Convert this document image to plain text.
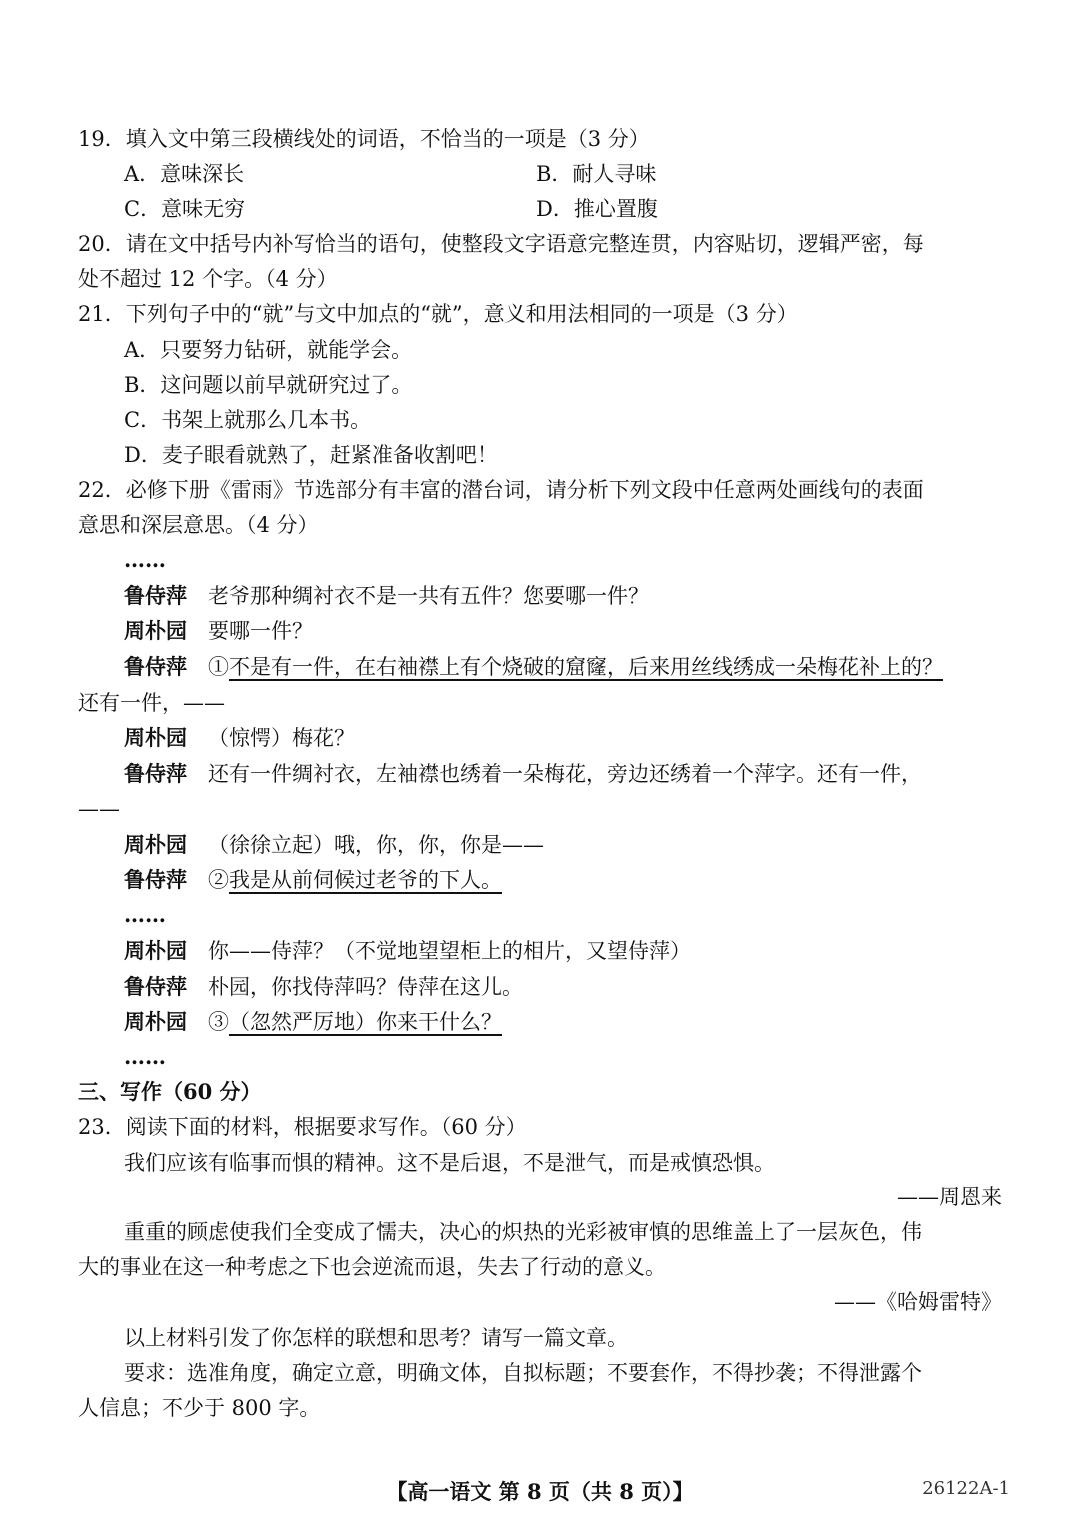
19．填入文中第三段横线处的词语，不恰当的一项是（3 分）
A．意味深长	B．耐人寻味
C．意味无穷	D．推心置腹
20．请在文中括号内补写恰当的语句，使整段文字语意完整连贯，内容贴切，逻辑严密，每
处不超过 12 个字。（4 分）
21．下列句子中的“就”与文中加点的“就”，意义和用法相同的一项是（3 分）
A．只要努力钻研，就能学会。
B．这问题以前早就研究过了。
C．书架上就那么几本书。
D．麦子眼看就熟了，赶紧准备收割吧！
22．必修下册《雷雨》节选部分有丰富的潜台词，请分析下列文段中任意两处画线句的表面
意思和深层意思。（4 分）
……
鲁侍萍 老爷那种绸衬衣不是一共有五件？您要哪一件？
周朴园 要哪一件？
鲁侍萍 ①不是有一件，在右袖襟上有个烧破的窟窿，后来用丝线绣成一朵梅花补上的？
还有一件，——
周朴园 （惊愕）梅花？
鲁侍萍 还有一件绸衬衣，左袖襟也绣着一朵梅花，旁边还绣着一个萍字。还有一件，
——
周朴园 （徐徐立起）哦，你，你，你是——
鲁侍萍 ②我是从前伺候过老爷的下人。
……
周朴园 你——侍萍？（不觉地望望柜上的相片，又望侍萍）
鲁侍萍 朴园，你找侍萍吗？侍萍在这儿。
周朴园 ③（忽然严厉地）你来干什么？
……
三、写作（60 分）
23．阅读下面的材料，根据要求写作。（60 分）
我们应该有临事而惧的精神。这不是后退，不是泄气，而是戒慎恐惧。
——周恩来
重重的顾虑使我们全变成了懦夫，决心的炽热的光彩被审慎的思维盖上了一层灰色，伟
大的事业在这一种考虑之下也会逆流而退，失去了行动的意义。
——《哈姆雷特》
以上材料引发了你怎样的联想和思考？请写一篇文章。
要求：选准角度，确定立意，明确文体，自拟标题；不要套作，不得抄袭；不得泄露个
人信息；不少于 800 字。
【高一语文 第 8 页（共 8 页）】	26122A-1
